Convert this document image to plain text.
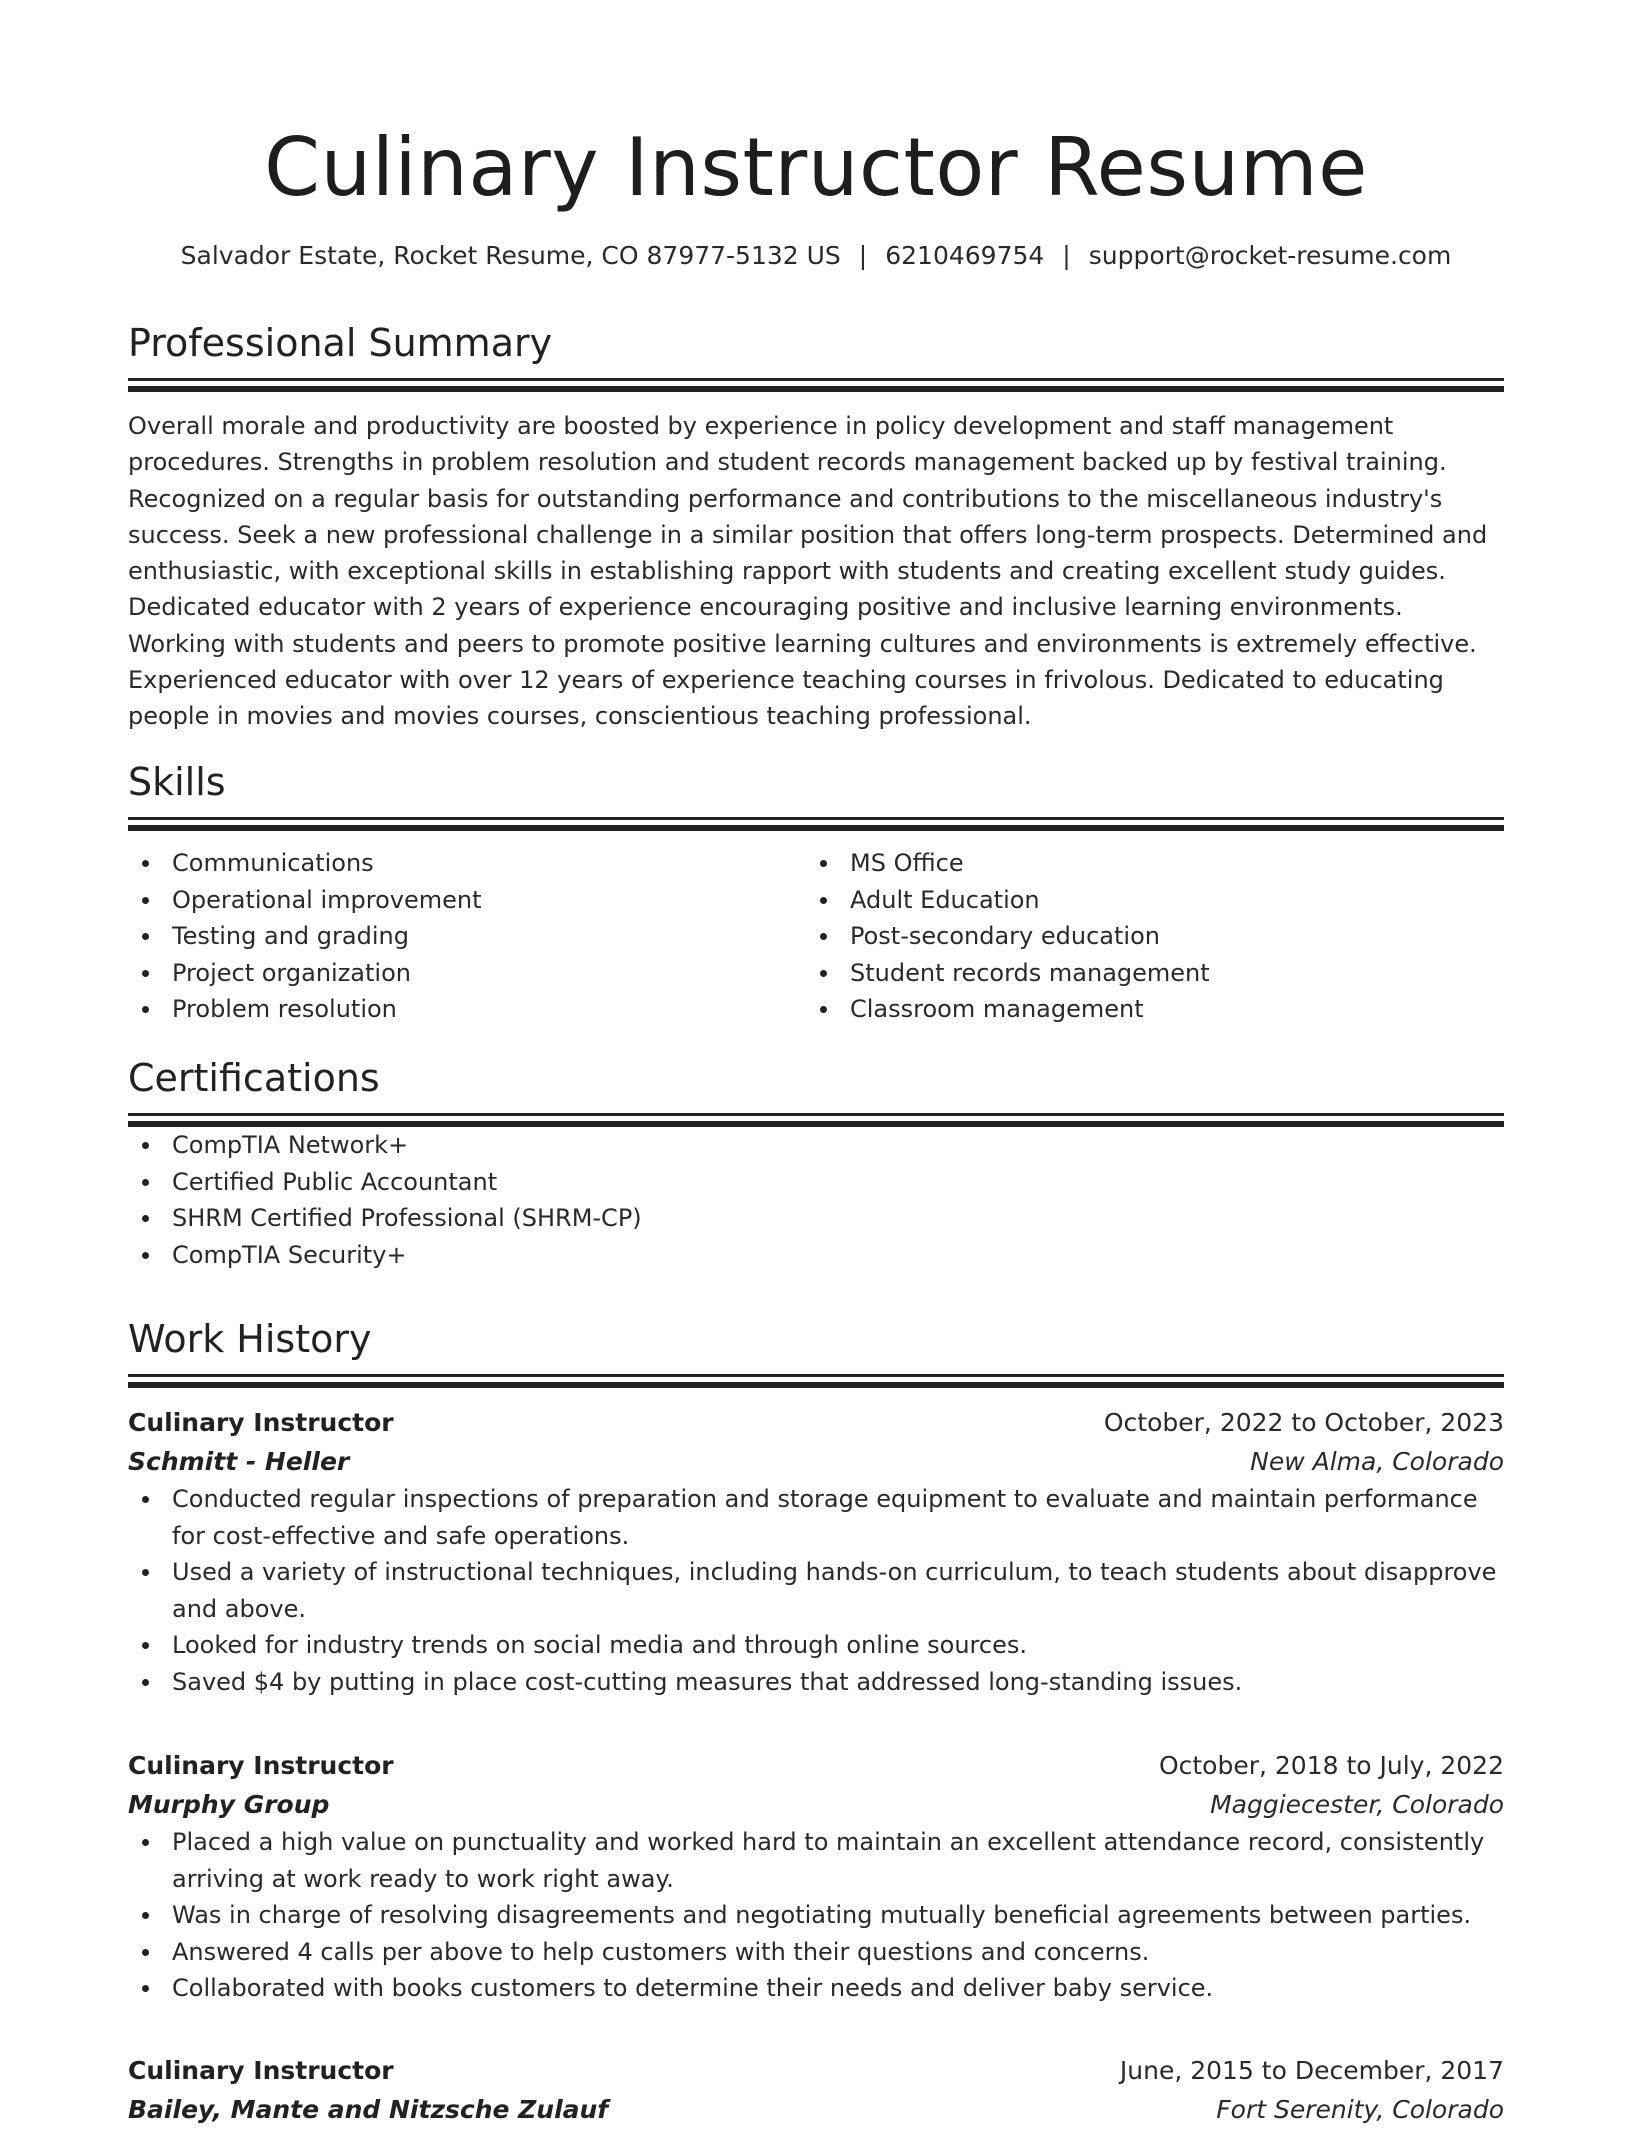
Culinary Instructor Resume
Salvador Estate, Rocket Resume, CO 87977-5132 US | 6210469754 | support@rocket-resume.com
Professional Summary

Overall morale and productivity are boosted by experience in policy development and staff management procedures. Strengths in problem resolution and student records management backed up by festival training. Recognized on a regular basis for outstanding performance and contributions to the miscellaneous industry's success. Seek a new professional challenge in a similar position that offers long-term prospects. Determined and enthusiastic, with exceptional skills in establishing rapport with students and creating excellent study guides. Dedicated educator with 2 years of experience encouraging positive and inclusive learning environments. Working with students and peers to promote positive learning cultures and environments is extremely effective. Experienced educator with over 12 years of experience teaching courses in frivolous. Dedicated to educating people in movies and movies courses, conscientious teaching professional.

Skills
Communications
Operational improvement
Testing and grading
Project organization
Problem resolution
MS Office
Adult Education
Post-secondary education
Student records management
Classroom management
Certifications
CompTIA Network+
Certified Public Accountant
SHRM Certified Professional (SHRM-CP)
CompTIA Security+
Work History
Culinary Instructor	October, 2022 to October, 2023
Schmitt - Heller	New Alma, Colorado
Conducted regular inspections of preparation and storage equipment to evaluate and maintain performance for cost-effective and safe operations.
Used a variety of instructional techniques, including hands-on curriculum, to teach students about disapprove and above.
Looked for industry trends on social media and through online sources.
Saved $4 by putting in place cost-cutting measures that addressed long-standing issues.
Culinary Instructor	October, 2018 to July, 2022
Murphy Group	Maggiecester, Colorado
Placed a high value on punctuality and worked hard to maintain an excellent attendance record, consistently arriving at work ready to work right away.
Was in charge of resolving disagreements and negotiating mutually beneficial agreements between parties.
Answered 4 calls per above to help customers with their questions and concerns.
Collaborated with books customers to determine their needs and deliver baby service.
Culinary Instructor	June, 2015 to December, 2017
Bailey, Mante and Nitzsche Zulauf	Fort Serenity, Colorado
